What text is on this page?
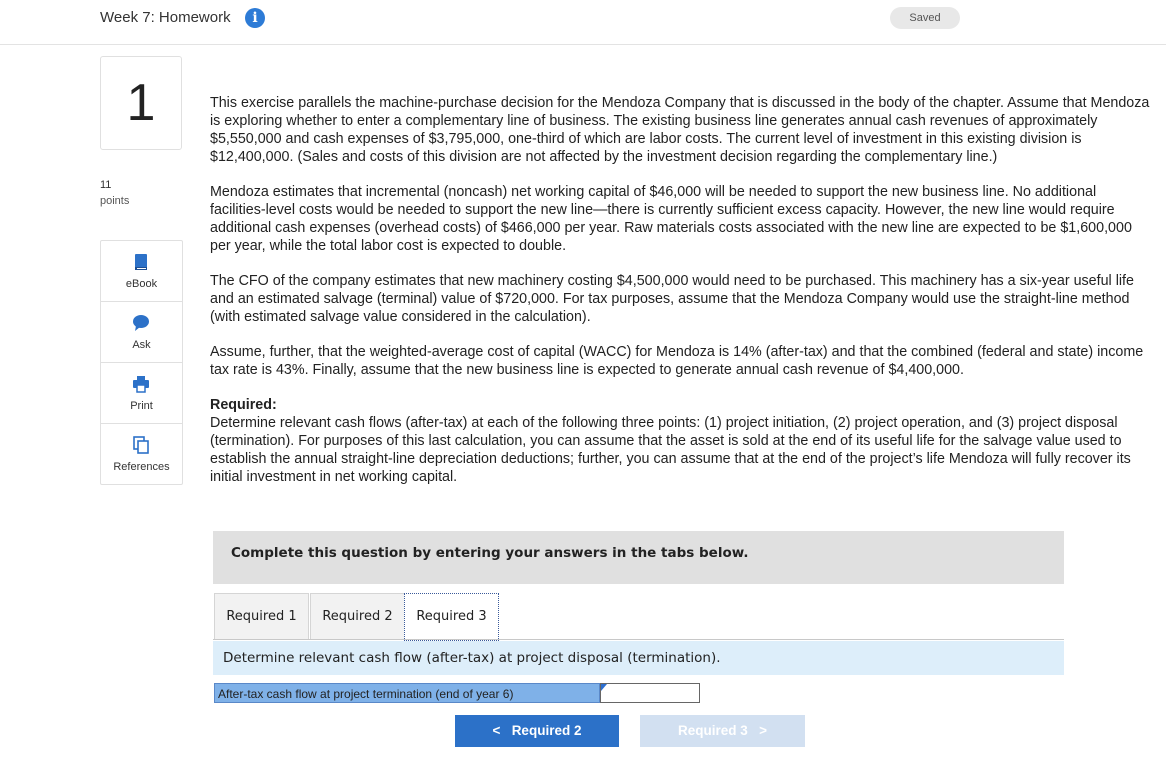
Week 7: Homework	i	Saved
1
11
points
eBook
Ask
Print
References

This exercise parallels the machine-purchase decision for the Mendoza Company that is discussed in the body of the chapter. Assume that Mendoza is exploring whether to enter a complementary line of business. The existing business line generates annual cash revenues of approximately $5,550,000 and cash expenses of $3,795,000, one-third of which are labor costs. The current level of investment in this existing division is $12,400,000. (Sales and costs of this division are not affected by the investment decision regarding the complementary line.)

Mendoza estimates that incremental (noncash) net working capital of $46,000 will be needed to support the new business line. No additional facilities-level costs would be needed to support the new line—there is currently sufficient excess capacity. However, the new line would require additional cash expenses (overhead costs) of $466,000 per year. Raw materials costs associated with the new line are expected to be $1,600,000 per year, while the total labor cost is expected to double.

The CFO of the company estimates that new machinery costing $4,500,000 would need to be purchased. This machinery has a six-year useful life and an estimated salvage (terminal) value of $720,000. For tax purposes, assume that the Mendoza Company would use the straight-line method (with estimated salvage value considered in the calculation).

Assume, further, that the weighted-average cost of capital (WACC) for Mendoza is 14% (after-tax) and that the combined (federal and state) income tax rate is 43%. Finally, assume that the new business line is expected to generate annual cash revenue of $4,400,000.

Required:
Determine relevant cash flows (after-tax) at each of the following three points: (1) project initiation, (2) project operation, and (3) project disposal (termination). For purposes of this last calculation, you can assume that the asset is sold at the end of its useful life for the salvage value used to establish the annual straight-line depreciation deductions; further, you can assume that at the end of the project’s life Mendoza will fully recover its initial investment in net working capital.
Complete this question by entering your answers in the tabs below.
Required 1	Required 2	Required 3
Determine relevant cash flow (after-tax) at project disposal (termination).
After-tax cash flow at project termination (end of year 6)
< Required 2	Required 3 >
